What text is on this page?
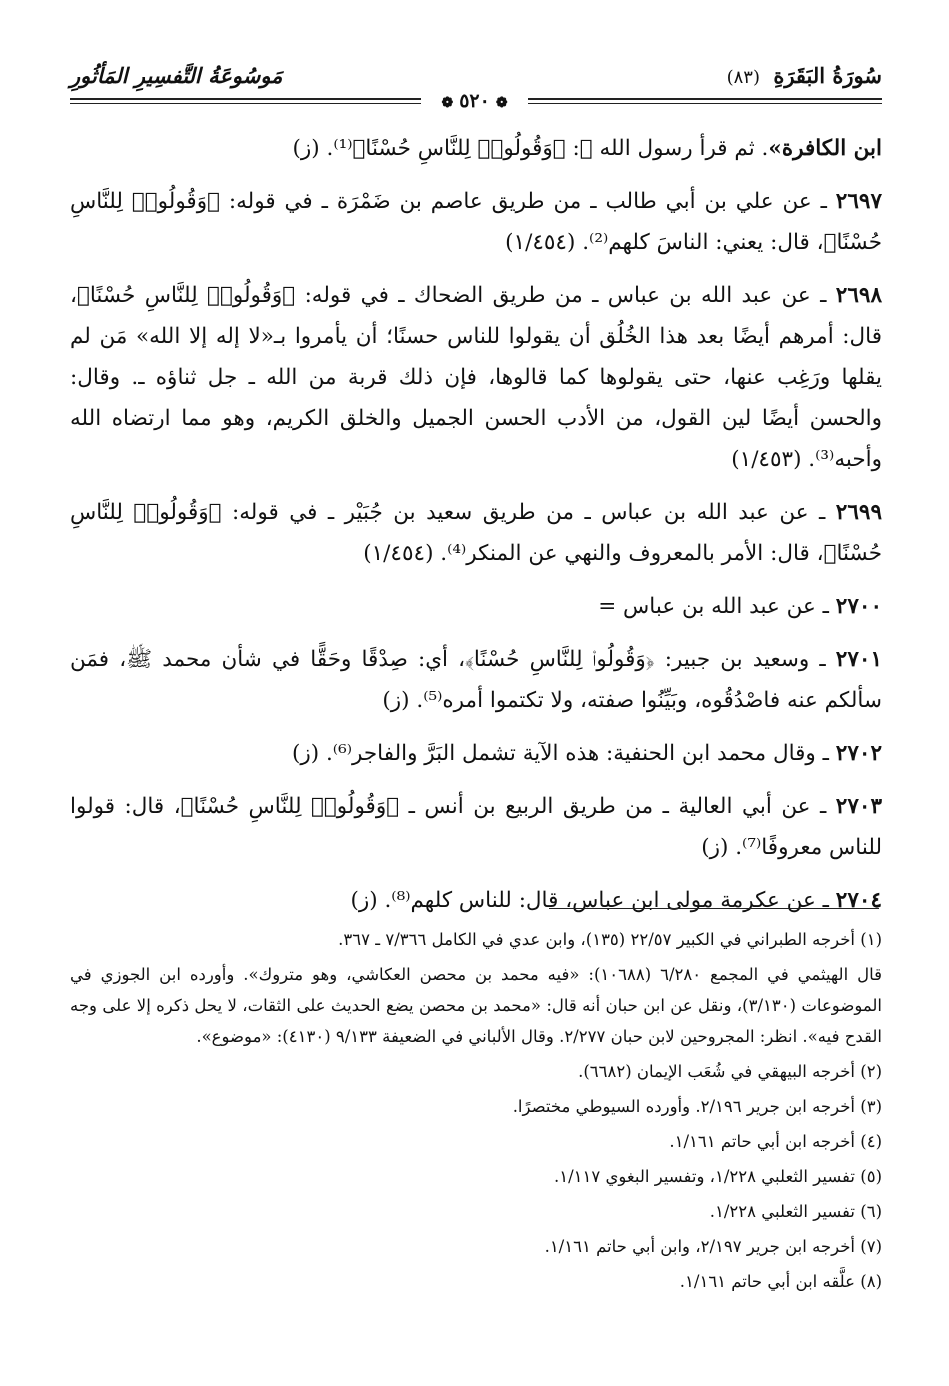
سُورَةُ البَقَرَةِ (٨٣)
مَوسُوعَةُ التَّفسِيرِ المَأثُورِ
❁٥٢٠❁

ابن الكافرة». ثم قرأ رسول الله ﷺ: ﴿وَقُولُوا۟ لِلنَّاسِ حُسْنًا﴾⁽¹⁾. (ز)

٢٦٩٧ ـ عن علي بن أبي طالب ـ من طريق عاصم بن ضَمْرَة ـ في قوله: ﴿وَقُولُوا۟ لِلنَّاسِ حُسْنًا﴾، قال: يعني: الناسَ كلهم⁽²⁾. (١/٤٥٤)

٢٦٩٨ ـ عن عبد الله بن عباس ـ من طريق الضحاك ـ في قوله: ﴿وَقُولُوا۟ لِلنَّاسِ حُسْنًا﴾، قال: أمرهم أيضًا بعد هذا الخُلُق أن يقولوا للناس حسنًا؛ أن يأمروا بـ«لا إله إلا الله» مَن لم يقلها ورَغِب عنها، حتى يقولوها كما قالوها، فإن ذلك قربة من الله ـ جل ثناؤه ـ. وقال: والحسن أيضًا لين القول، من الأدب الحسن الجميل والخلق الكريم، وهو مما ارتضاه الله وأحبه⁽³⁾. (١/٤٥٣)

٢٦٩٩ ـ عن عبد الله بن عباس ـ من طريق سعيد بن جُبَيْر ـ في قوله: ﴿وَقُولُوا۟ لِلنَّاسِ حُسْنًا﴾، قال: الأمر بالمعروف والنهي عن المنكر⁽⁴⁾. (١/٤٥٤)

٢٧٠٠ ـ عن عبد الله بن عباس =

٢٧٠١ ـ وسعيد بن جبير: ﴿وَقُولُوا۟ لِلنَّاسِ حُسْنًا﴾، أي: صِدْقًا وحَقًّا في شأن محمد ﷺ، فمَن سألكم عنه فاصْدُقُوه، وبَيِّنُوا صفته، ولا تكتموا أمره⁽⁵⁾. (ز)

٢٧٠٢ ـ وقال محمد ابن الحنفية: هذه الآية تشمل البَرَّ والفاجر⁽⁶⁾. (ز)

٢٧٠٣ ـ عن أبي العالية ـ من طريق الربيع بن أنس ـ ﴿وَقُولُوا۟ لِلنَّاسِ حُسْنًا﴾، قال: قولوا للناس معروفًا⁽⁷⁾. (ز)

٢٧٠٤ ـ عن عكرمة مولى ابن عباس، قال: للناس كلهم⁽⁸⁾. (ز)

(١) أخرجه الطبراني في الكبير ٢٢/٥٧ (١٣٥)، وابن عدي في الكامل ٧/٣٦٦ ـ ٣٦٧.

قال الهيثمي في المجمع ٦/٢٨٠ (١٠٦٨٨): «فيه محمد بن محصن العكاشي، وهو متروك». وأورده ابن الجوزي في الموضوعات (٣/١٣٠)، ونقل عن ابن حبان أنه قال: «محمد بن محصن يضع الحديث على الثقات، لا يحل ذكره إلا على وجه القدح فيه». انظر: المجروحين لابن حبان ٢/٢٧٧. وقال الألباني في الضعيفة ٩/١٣٣ (٤١٣٠): «موضوع».

(٢) أخرجه البيهقي في شُعَب الإيمان (٦٦٨٢).

(٣) أخرجه ابن جرير ٢/١٩٦. وأورده السيوطي مختصرًا.

(٤) أخرجه ابن أبي حاتم ١/١٦١.

(٥) تفسير الثعلبي ١/٢٢٨، وتفسير البغوي ١/١١٧.

(٦) تفسير الثعلبي ١/٢٢٨.

(٧) أخرجه ابن جرير ٢/١٩٧، وابن أبي حاتم ١/١٦١.

(٨) علَّقه ابن أبي حاتم ١/١٦١.
